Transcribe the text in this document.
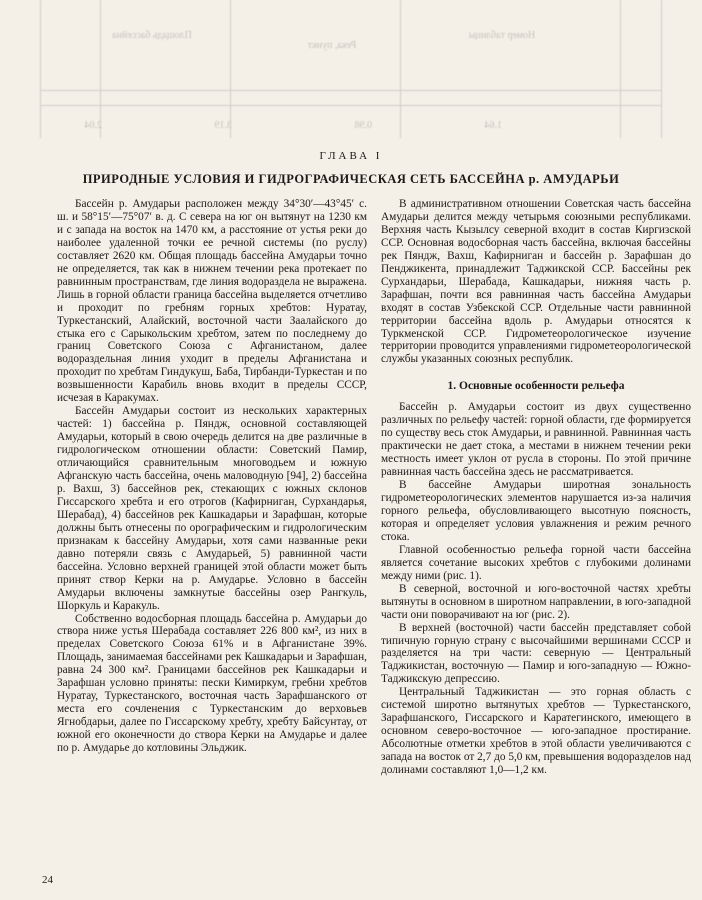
Номер таблицы
Река, пункт
Площадь бассейна
1.64
0.98
3.19
2.04
ГЛАВА I
ПРИРОДНЫЕ УСЛОВИЯ И ГИДРОГРАФИЧЕСКАЯ СЕТЬ БАССЕЙНА р. АМУДАРЬИ

Бассейн р. Амударьи расположен между 34°30′—43°45′ с. ш. и 58°15′—75°07′ в. д. С севера на юг он вытянут на 1230 км и с запада на восток на 1470 км, а расстояние от устья реки до наиболее удаленной точки ее речной системы (по руслу) составляет 2620 км. Общая площадь бассейна Амударьи точно не определяется, так как в нижнем течении река протекает по равнинным пространствам, где линия водораздела не выражена. Лишь в горной области граница бассейна выделяется отчетливо и проходит по гребням горных хребтов: Нуратау, Туркестанский, Алайский, восточной части Заалайского до стыка его с Сарыкольским хребтом, затем по последнему до границ Советского Союза с Афганистаном, далее водораздельная линия уходит в пределы Афганистана и проходит по хребтам Гиндукуш, Баба, Тирбанди-Туркестан и по возвышенности Карабиль вновь входит в пределы СССР, исчезая в Каракумах.

Бассейн Амударьи состоит из нескольких характерных частей: 1) бассейна р. Пяндж, основной составляющей Амударьи, который в свою очередь делится на две различные в гидрологическом отношении области: Советский Памир, отличающийся сравнительным многоводьем и южную Афганскую часть бассейна, очень маловодную [94], 2) бассейна р. Вахш, 3) бассейнов рек, стекающих с южных склонов Гиссарского хребта и его отрогов (Кафирниган, Сурхандарья, Шерабад), 4) бассейнов рек Кашкадарьи и Зарафшан, которые должны быть отнесены по орографическим и гидрологическим признакам к бассейну Амударьи, хотя сами названные реки давно потеряли связь с Амударьей, 5) равнинной части бассейна. Условно верхней границей этой области может быть принят створ Керки на р. Амударье. Условно в бассейн Амударьи включены замкнутые бассейны озер Рангкуль, Шоркуль и Каракуль.

Собственно водосборная площадь бассейна р. Амударьи до створа ниже устья Шерабада составляет 226 800 км², из них в пределах Советского Союза 61% и в Афганистане 39%. Площадь, занимаемая бассейнами рек Кашкадарьи и Зарафшан, равна 24 300 км². Границами бассейнов рек Кашкадарьи и Зарафшан условно приняты: пески Кимиркум, гребни хребтов Нуратау, Туркестанского, восточная часть Зарафшанского от места его сочленения с Туркестанским до верховьев Ягнобдарьи, далее по Гиссарскому хребту, хребту Байсунтау, от южной его оконечности до створа Керки на Амударье и далее по р. Амударье до котловины Эльджик.

В административном отношении Советская часть бассейна Амударьи делится между четырьмя союзными республиками. Верхняя часть Кызылсу северной входит в состав Киргизской ССР. Основная водосборная часть бассейна, включая бассейны рек Пяндж, Вахш, Кафирниган и бассейн р. Зарафшан до Пенджикента, принадлежит Таджикской ССР. Бассейны рек Сурхандарьи, Шерабада, Кашкадарьи, нижняя часть р. Зарафшан, почти вся равнинная часть бассейна Амударьи входят в состав Узбекской ССР. Отдельные части равнинной территории бассейна вдоль р. Амударьи относятся к Туркменской ССР. Гидрометеорологическое изучение территории проводится управлениями гидрометеорологической службы указанных союзных республик.

1. Основные особенности рельефа

Бассейн р. Амударьи состоит из двух существенно различных по рельефу частей: горной области, где формируется по существу весь сток Амударьи, и равнинной. Равнинная часть практически не дает стока, а местами в нижнем течении реки местность имеет уклон от русла в стороны. По этой причине равнинная часть бассейна здесь не рассматривается.

В бассейне Амударьи широтная зональность гидрометеорологических элементов нарушается из-за наличия горного рельефа, обусловливающего высотную поясность, которая и определяет условия увлажнения и режим речного стока.

Главной особенностью рельефа горной части бассейна является сочетание высоких хребтов с глубокими долинами между ними (рис. 1).

В северной, восточной и юго-восточной частях хребты вытянуты в основном в широтном направлении, в юго-западной части они поворачивают на юг (рис. 2).

В верхней (восточной) части бассейн представляет собой типичную горную страну с высочайшими вершинами СССР и разделяется на три части: северную — Центральный Таджикистан, восточную — Памир и юго-западную — Южно-Таджикскую депрессию.

Центральный Таджикистан — это горная область с системой широтно вытянутых хребтов — Туркестанского, Зарафшанского, Гиссарского и Каратегинского, имеющего в основном северо-восточное — юго-западное простирание. Абсолютные отметки хребтов в этой области увеличиваются с запада на восток от 2,7 до 5,0 км, превышения водоразделов над долинами составляют 1,0—1,2 км.

24
